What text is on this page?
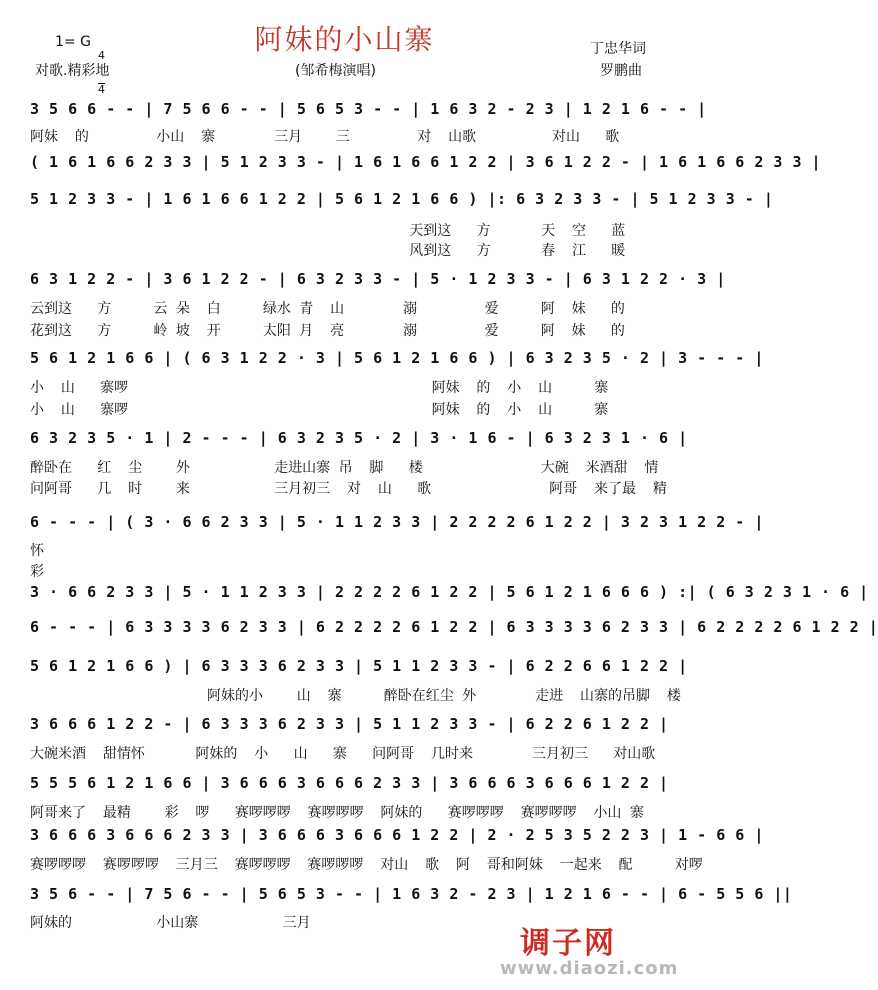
阿妹的小山寨
1= G

4

4

丁忠华词
对歌.精彩地	(邹希梅演唱)	罗鹏曲
3 5 6 6 - - | 7 5 6 6 - - | 5 6 5 3 - - | 1 6 3 2 - 2 3 | 1 2 1 6 - - |
阿妹  的        小山  寨       三月    三        对  山歌         对山   歌
( 1 6 1 6 6 2 3 3 | 5 1 2 3 3 - | 1 6 1 6 6 1 2 2 | 3 6 1 2 2 - | 1 6 1 6 6 2 3 3 |
5 1 2 3 3 - | 1 6 1 6 6 1 2 2 | 5 6 1 2 1 6 6 ) |: 6 3 2 3 3 - | 5 1 2 3 3 - |
天到这   方      天  空   蓝
风到这   方      春  江   暖
6 3 1 2 2 - | 3 6 1 2 2 - | 6 3 2 3 3 - | 5 · 1 2 3 3 - | 6 3 1 2 2 · 3 |
云到这   方     云 朵  白     绿水 青  山       溺        爱     阿  妹   的
花到这   方     岭 坡  开     太阳 月  亮       溺        爱     阿  妹   的
5 6 1 2 1 6 6 | ( 6 3 1 2 2 · 3 | 5 6 1 2 1 6 6 ) | 6 3 2 3 5 · 2 | 3 - - - |
小  山   寨啰                                    阿妹  的  小  山     寨
小  山   寨啰                                    阿妹  的  小  山     寨
6 3 2 3 5 · 1 | 2 - - - | 6 3 2 3 5 · 2 | 3 · 1 6 - | 6 3 2 3 1 · 6 |
醉卧在   红  尘    外          走进山寨 吊  脚   楼              大碗  米酒甜  情
问阿哥   几  时    来          三月初三  对  山   歌              阿哥  来了最  精
6 - - - | ( 3 · 6 6 2 3 3 | 5 · 1 1 2 3 3 | 2 2 2 2 6 1 2 2 | 3 2 3 1 2 2 - |
怀
彩
3 · 6 6 2 3 3 | 5 · 1 1 2 3 3 | 2 2 2 2 6 1 2 2 | 5 6 1 2 1 6 6 6 ) :| ( 6 3 2 3 1 · 6 |
6 - - - | 6 3 3 3 3 6 2 3 3 | 6 2 2 2 2 6 1 2 2 | 6 3 3 3 3 6 2 3 3 | 6 2 2 2 2 6 1 2 2 |
5 6 1 2 1 6 6 ) | 6 3 3 3 6 2 3 3 | 5 1 1 2 3 3 - | 6 2 2 6 6 1 2 2 |
阿妹的小    山  寨     醉卧在红尘 外       走进  山寨的吊脚  楼
3 6 6 6 1 2 2 - | 6 3 3 3 6 2 3 3 | 5 1 1 2 3 3 - | 6 2 2 6 1 2 2 |
大碗米酒  甜情怀      阿妹的  小   山   寨   问阿哥  几时来       三月初三   对山歌
5 5 5 6 1 2 1 6 6 | 3 6 6 6 3 6 6 6 2 3 3 | 3 6 6 6 3 6 6 6 1 2 2 |
阿哥来了  最精    彩  啰   赛啰啰啰  赛啰啰啰  阿妹的   赛啰啰啰  赛啰啰啰  小山 寨
3 6 6 6 3 6 6 6 2 3 3 | 3 6 6 6 3 6 6 6 1 2 2 | 2 · 2 5 3 5 2 2 3 | 1 - 6 6 |
赛啰啰啰  赛啰啰啰  三月三  赛啰啰啰  赛啰啰啰  对山  歌  阿  哥和阿妹  一起来  配     对啰
3 5 6 - - | 7 5 6 - - | 5 6 5 3 - - | 1 6 3 2 - 2 3 | 1 2 1 6 - - | 6 - 5 5 6 ||
阿妹的          小山寨          三月
调子网
www.diaozi.com
